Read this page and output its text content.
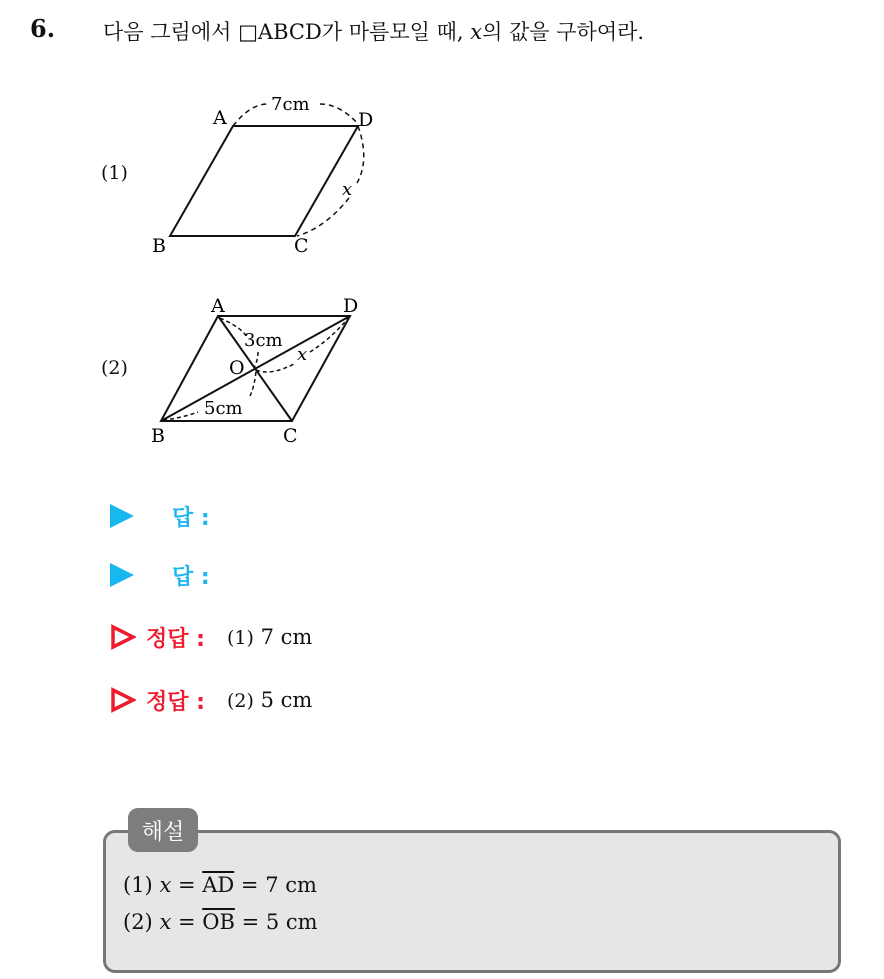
6. 다음 그림에서 □ABCD가 마름모일 때, x의 값을 구하여라.
(1)
A	D
B	C
7cm
x
(2)
A	D
B	C
O
3cm
5cm
x
답 :
답 :
정답 : (1) 7 cm
정답 : (2) 5 cm
해설
(1) $x = \overline{AD} = 7$ cm
(2) $x = \overline{OB} = 5$ cm
